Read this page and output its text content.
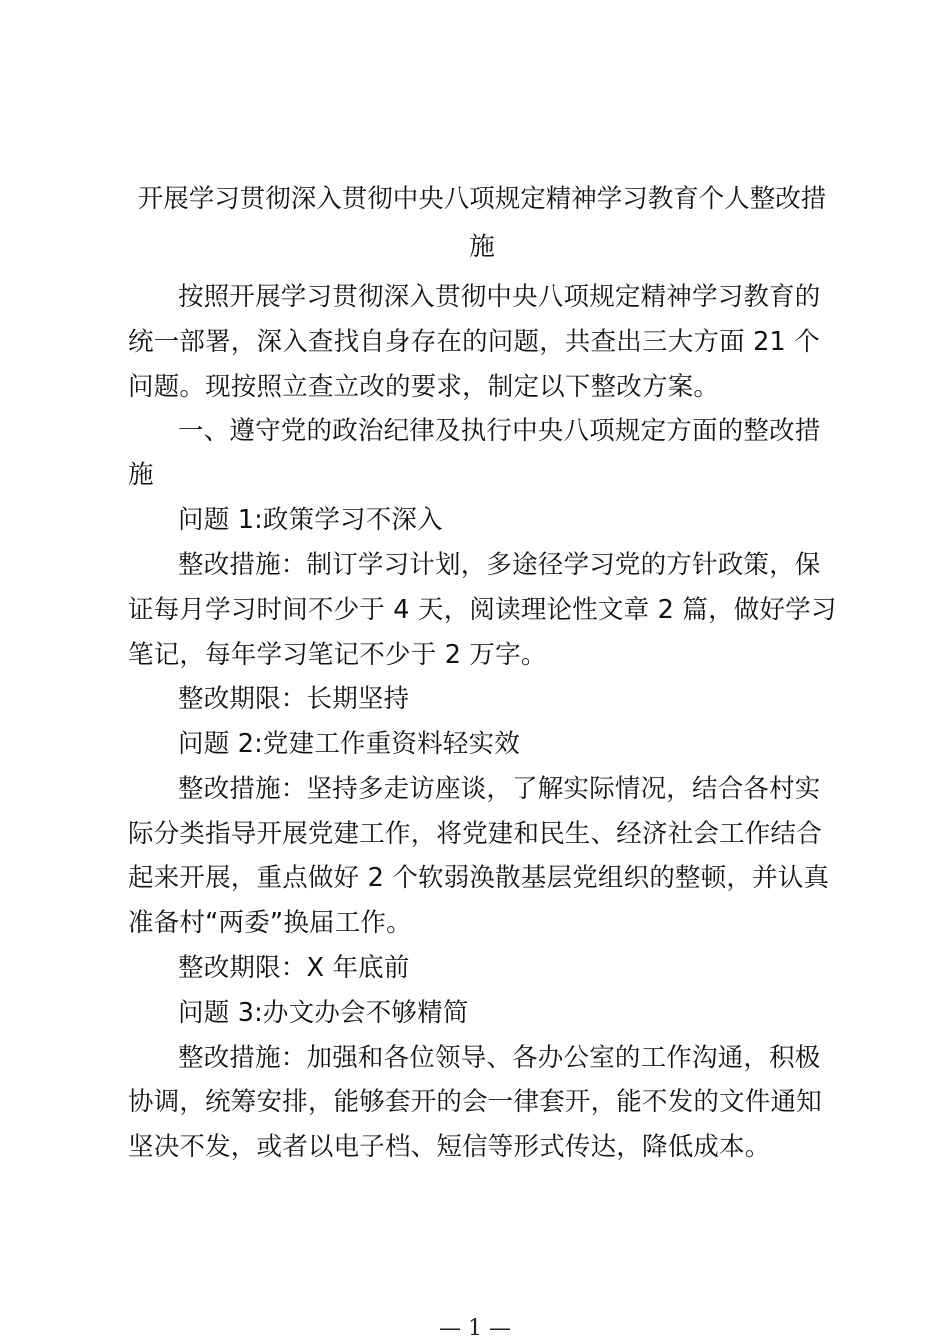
开展学习贯彻深入贯彻中央八项规定精神学习教育个人整改措

施

按照开展学习贯彻深入贯彻中央八项规定精神学习教育的

统一部署，深入查找自身存在的问题，共查出三大方面 21 个

问题。现按照立查立改的要求，制定以下整改方案。

一、遵守党的政治纪律及执行中央八项规定方面的整改措

施

问题 1:政策学习不深入

整改措施：制订学习计划，多途径学习党的方针政策，保

证每月学习时间不少于 4 天，阅读理论性文章 2 篇，做好学习

笔记，每年学习笔记不少于 2 万字。

整改期限：长期坚持

问题 2:党建工作重资料轻实效

整改措施：坚持多走访座谈，了解实际情况，结合各村实

际分类指导开展党建工作，将党建和民生、经济社会工作结合

起来开展，重点做好 2 个软弱涣散基层党组织的整顿，并认真

准备村“两委”换届工作。

整改期限：X 年底前

问题 3:办文办会不够精简

整改措施：加强和各位领导、各办公室的工作沟通，积极

协调，统筹安排，能够套开的会一律套开，能不发的文件通知

坚决不发，或者以电子档、短信等形式传达，降低成本。

— 1 —
